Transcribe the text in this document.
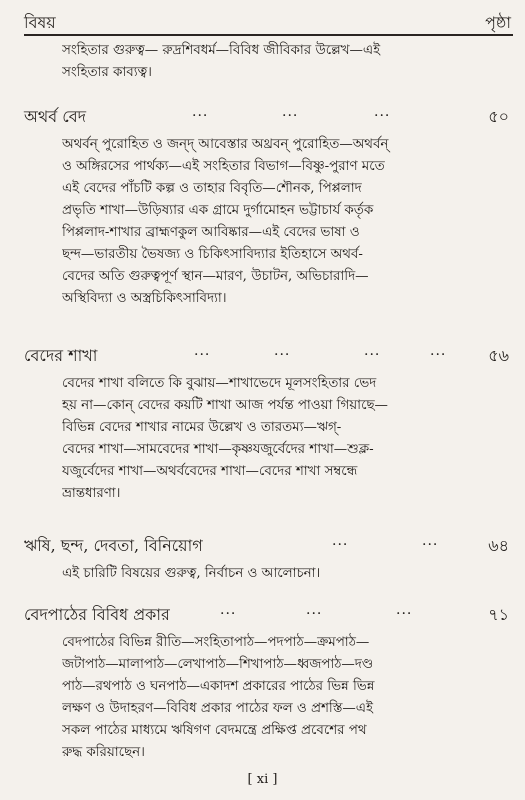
বিষয়	পৃষ্ঠা
সংহিতার গুরুত্ব— রুদ্রশিবধর্ম—বিবিধ জীবিকার উল্লেখ—এই
সংহিতার কাব্যত্ব।
অথর্ব বেদ	...	...	...	৫০
অথর্বন্ পুরোহিত ও জন্দ্ আবেস্তার অথ্রবন্ পুরোহিত—অথর্বন্
ও অঙ্গিরসের পার্থক্য—এই সংহিতার বিভাগ—বিষ্ণু-পুরাণ মতে
এই বেদের পাঁচটি কল্প ও তাহার বিবৃতি—শৌনক, পিপ্পলাদ
প্রভৃতি শাখা—উড়িষ্যার এক গ্রামে দুর্গামোহন ভট্টাচার্য কর্তৃক
পিপ্পলাদ-শাখার ব্রাহ্মণকুল আবিষ্কার—এই বেদের ভাষা ও
ছন্দ—ভারতীয় ভৈষজ্য ও চিকিৎসাবিদ্যার ইতিহাসে অথর্ব-
বেদের অতি গুরুত্বপূর্ণ স্থান—মারণ, উচাটন, অভিচারাদি—
অস্থিবিদ্যা ও অস্ত্রচিকিৎসাবিদ্যা।
বেদের শাখা	...	...	...	...	৫৬
বেদের শাখা বলিতে কি বুঝায়—শাখাভেদে মূলসংহিতার ভেদ
হয় না—কোন্ বেদের কয়টি শাখা আজ পর্যন্ত পাওয়া গিয়াছে—
বিভিন্ন বেদের শাখার নামের উল্লেখ ও তারতম্য—ঋগ্-
বেদের শাখা—সামবেদের শাখা—কৃষ্ণযজুর্বেদের শাখা—শুক্ল-
যজুর্বেদের শাখা—অথর্ববেদের শাখা—বেদের শাখা সম্বন্ধে
ভ্রান্তধারণা।
ঋষি, ছন্দ, দেবতা, বিনিয়োগ	...	...	৬৪
এই চারিটি বিষয়ের গুরুত্ব, নির্বাচন ও আলোচনা।
বেদপাঠের বিবিধ প্রকার	...	...	...	৭১
বেদপাঠের বিভিন্ন রীতি—সংহিতাপাঠ—পদপাঠ—ক্রমপাঠ—
জটাপাঠ—মালাপাঠ—লেখাপাঠ—শিখাপাঠ—ধ্বজপাঠ—দণ্ড
পাঠ—রথপাঠ ও ঘনপাঠ—একাদশ প্রকারের পাঠের ভিন্ন ভিন্ন
লক্ষণ ও উদাহরণ—বিবিধ প্রকার পাঠের ফল ও প্রশস্তি—এই
সকল পাঠের মাধ্যমে ঋষিগণ বেদমন্ত্রে প্রক্ষিপ্ত প্রবেশের পথ
রুদ্ধ করিয়াছেন।
[ xi ]
